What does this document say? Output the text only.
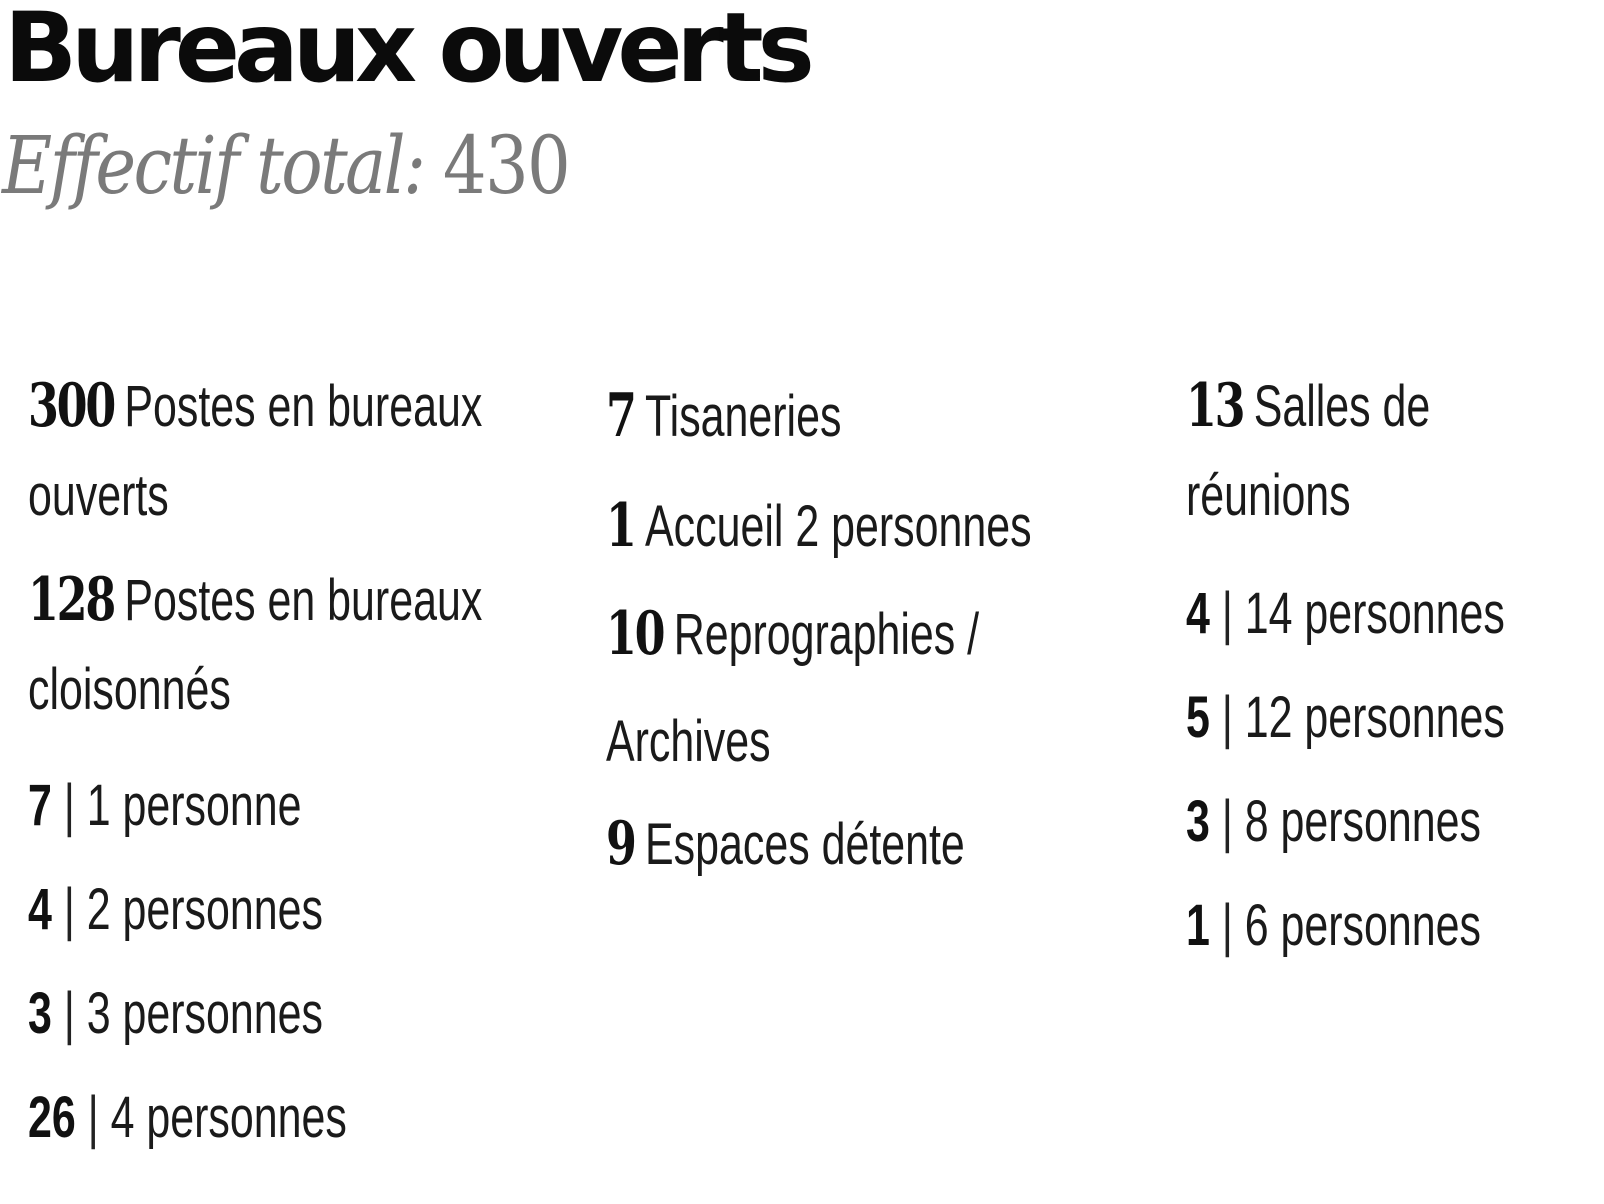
Bureaux ouverts
Effectif total: 430
300 Postes en bureaux
ouverts
128 Postes en bureaux
cloisonnés
7 | 1 personne
4 | 2 personnes
3 | 3 personnes
26 | 4 personnes
7 Tisaneries
1 Accueil 2 personnes
10 Reprographies /
Archives
9 Espaces détente
13 Salles de
réunions
4 | 14 personnes
5 | 12 personnes
3 | 8 personnes
1 | 6 personnes
